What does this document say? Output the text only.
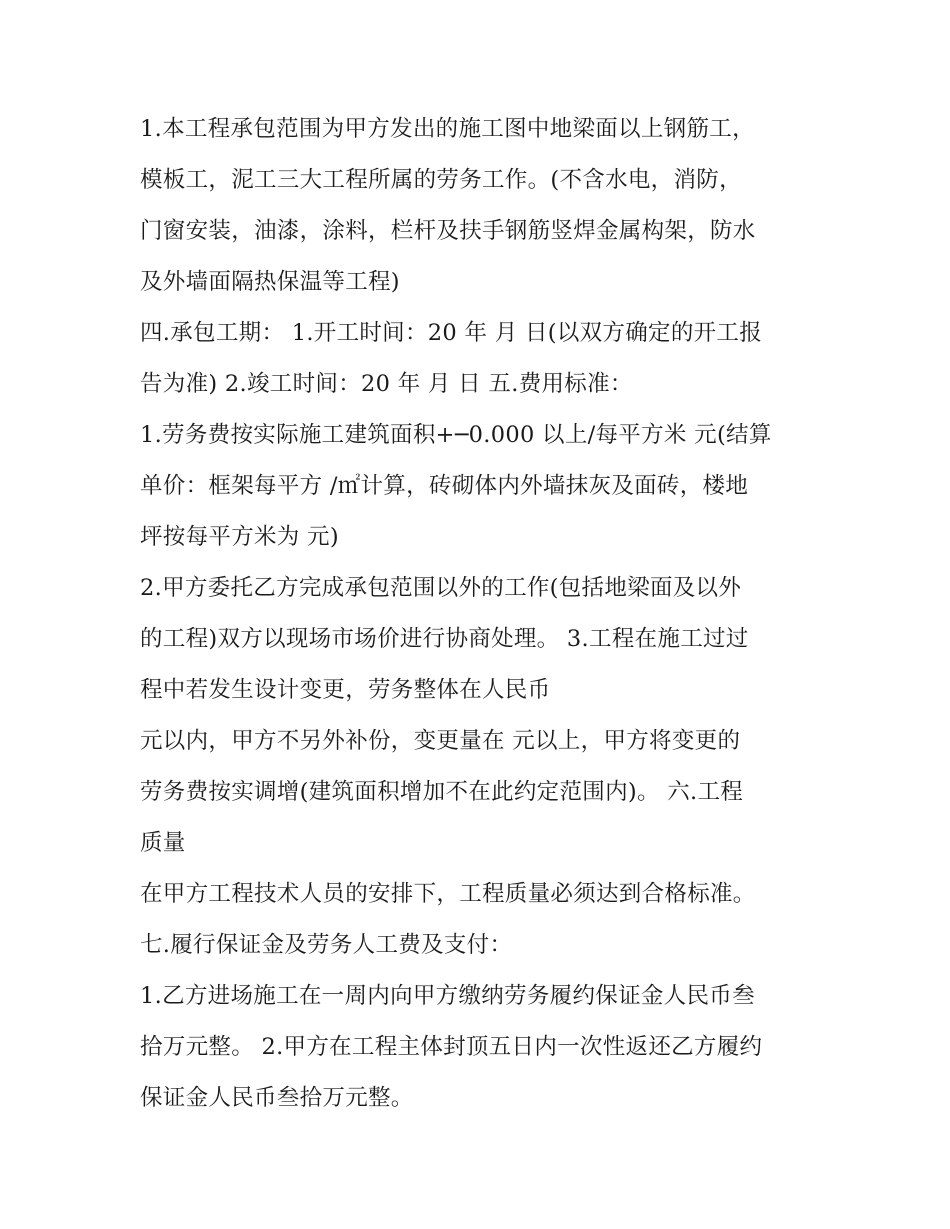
1.本工程承包范围为甲方发出的施工图中地梁面以上钢筋工，
模板工，泥工三大工程所属的劳务工作。(不含水电，消防，
门窗安装，油漆，涂料，栏杆及扶手钢筋竖焊金属构架，防水
及外墙面隔热保温等工程)
四.承包工期： 1.开工时间：20 年 月 日(以双方确定的开工报
告为准) 2.竣工时间：20 年 月 日 五.费用标准：
1.劳务费按实际施工建筑面积+─0.000 以上/每平方米 元(结算
单价：框架每平方 /㎡计算，砖砌体内外墙抹灰及面砖，楼地
坪按每平方米为 元)
2.甲方委托乙方完成承包范围以外的工作(包括地梁面及以外
的工程)双方以现场市场价进行协商处理。 3.工程在施工过过
程中若发生设计变更，劳务整体在人民币
元以内，甲方不另外补份，变更量在 元以上，甲方将变更的
劳务费按实调增(建筑面积增加不在此约定范围内)。 六.工程
质量
在甲方工程技术人员的安排下，工程质量必须达到合格标准。
七.履行保证金及劳务人工费及支付：
1.乙方进场施工在一周内向甲方缴纳劳务履约保证金人民币叁
拾万元整。 2.甲方在工程主体封顶五日内一次性返还乙方履约
保证金人民币叁拾万元整。
